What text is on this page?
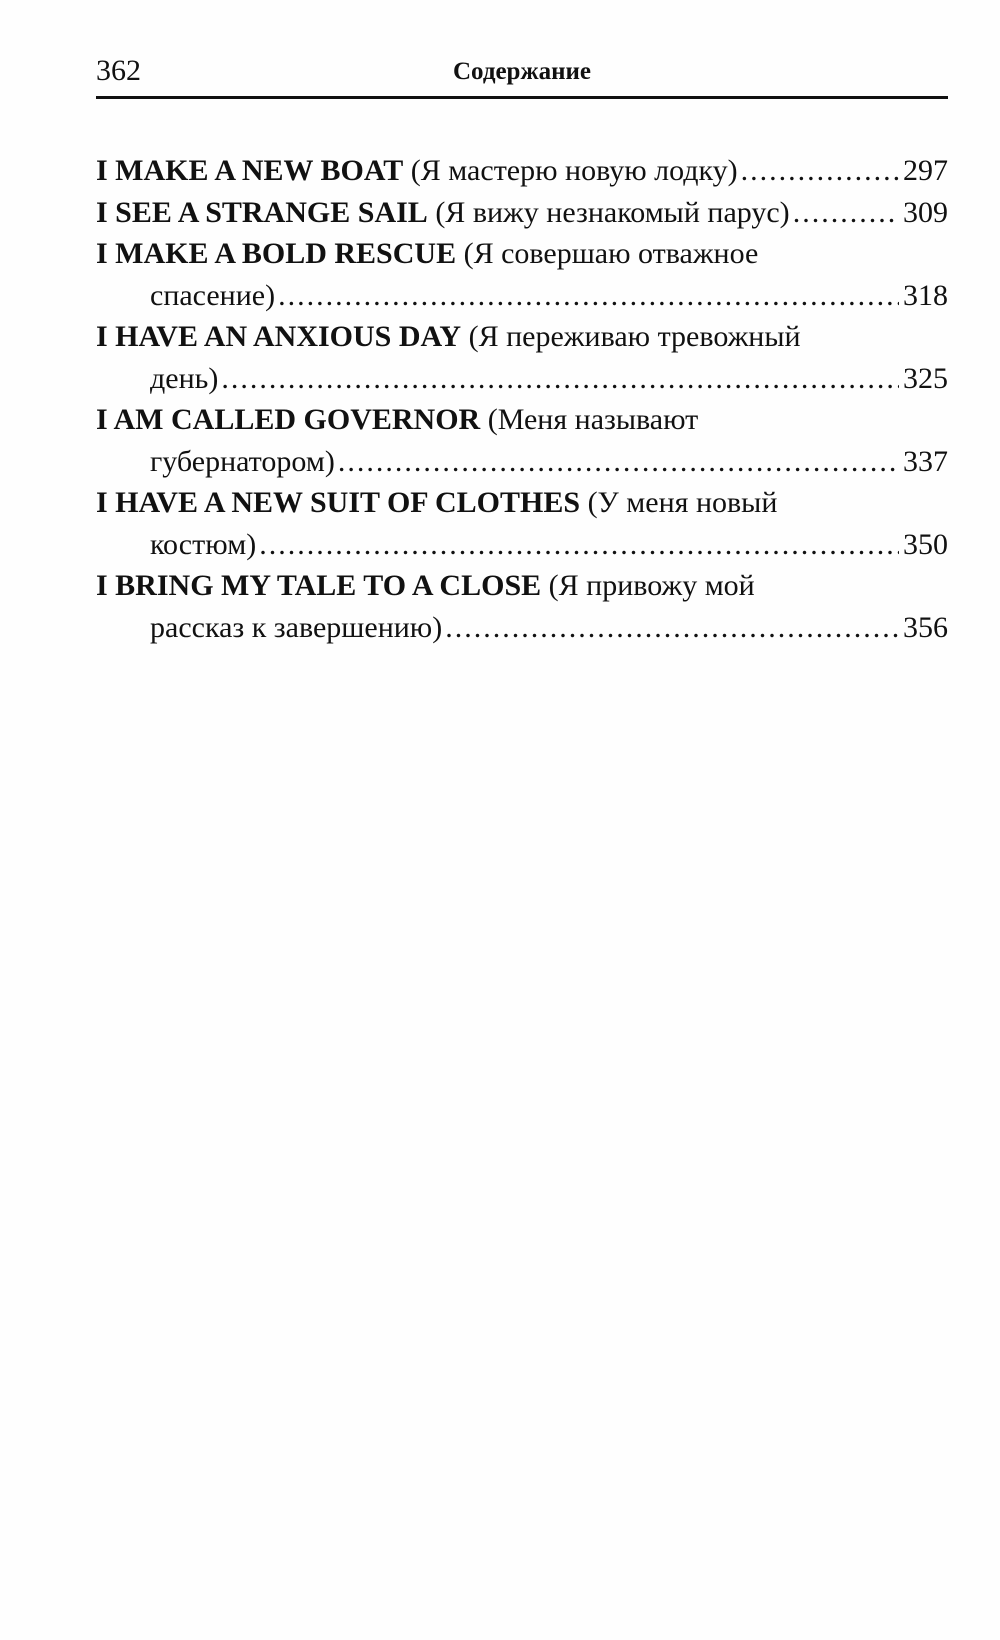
362	Содержание
I MAKE A NEW BOAT
(Я мастерю новую лодку) .....	297
I SEE A STRANGE SAIL
(Я вижу незнакомый парус) .....	309
I MAKE A BOLD RESCUE
(Я совершаю отважное
спасение) .....	318
I HAVE AN ANXIOUS DAY
(Я переживаю тревожный
день) .....	325
I AM CALLED GOVERNOR
(Меня называют
губернатором) .....	337
I HAVE A NEW SUIT OF CLOTHES
(У меня новый
костюм) .....	350
I BRING MY TALE TO A CLOSE
(Я привожу мой
рассказ к завершению) .....	356
